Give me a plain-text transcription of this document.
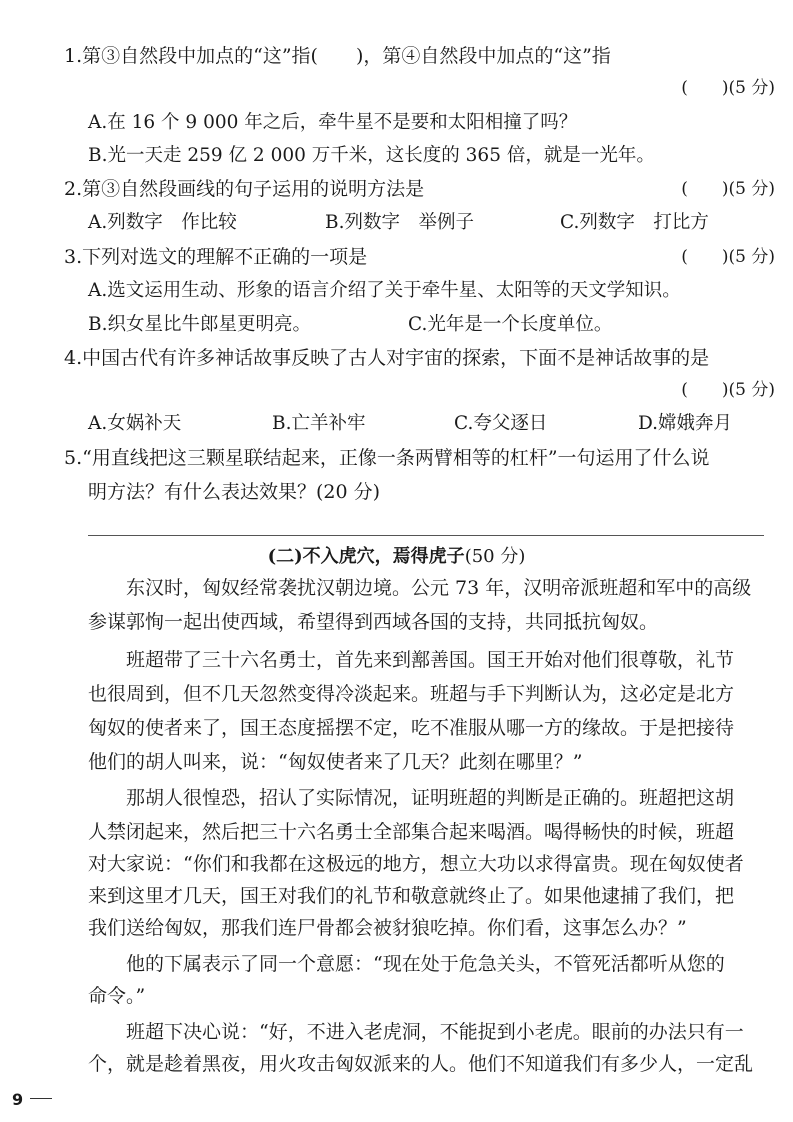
1.第③自然段中加点的“这”指(　　)，第④自然段中加点的“这”指
(　　)(5 分)
A.在 16 个 9 000 年之后，牵牛星不是要和太阳相撞了吗？
B.光一天走 259 亿 2 000 万千米，这长度的 365 倍，就是一光年。
2.第③自然段画线的句子运用的说明方法是	(　　)(5 分)
A.列数字　作比较	B.列数字　举例子	C.列数字　打比方
3.下列对选文的理解不正确的一项是	(　　)(5 分)
A.选文运用生动、形象的语言介绍了关于牵牛星、太阳等的天文学知识。
B.织女星比牛郎星更明亮。	C.光年是一个长度单位。
4.中国古代有许多神话故事反映了古人对宇宙的探索，下面不是神话故事的是
(　　)(5 分)
A.女娲补天	B.亡羊补牢	C.夸父逐日	D.嫦娥奔月
5.“用直线把这三颗星联结起来，正像一条两臂相等的杠杆”一句运用了什么说
明方法？有什么表达效果？(20 分)
(二)不入虎穴，焉得虎子(50 分)
　　东汉时，匈奴经常袭扰汉朝边境。公元 73 年，汉明帝派班超和军中的高级
参谋郭恂一起出使西域，希望得到西域各国的支持，共同抵抗匈奴。
　　班超带了三十六名勇士，首先来到鄯善国。国王开始对他们很尊敬，礼节
也很周到，但不几天忽然变得冷淡起来。班超与手下判断认为，这必定是北方
匈奴的使者来了，国王态度摇摆不定，吃不准服从哪一方的缘故。于是把接待
他们的胡人叫来，说：“匈奴使者来了几天？此刻在哪里？”
　　那胡人很惶恐，招认了实际情况，证明班超的判断是正确的。班超把这胡
人禁闭起来，然后把三十六名勇士全部集合起来喝酒。喝得畅快的时候，班超
对大家说：“你们和我都在这极远的地方，想立大功以求得富贵。现在匈奴使者
来到这里才几天，国王对我们的礼节和敬意就终止了。如果他逮捕了我们，把
我们送给匈奴，那我们连尸骨都会被豺狼吃掉。你们看，这事怎么办？”
　　他的下属表示了同一个意愿：“现在处于危急关头，不管死活都听从您的
命令。”
　　班超下决心说：“好，不进入老虎洞，不能捉到小老虎。眼前的办法只有一
个，就是趁着黑夜，用火攻击匈奴派来的人。他们不知道我们有多少人，一定乱
9
